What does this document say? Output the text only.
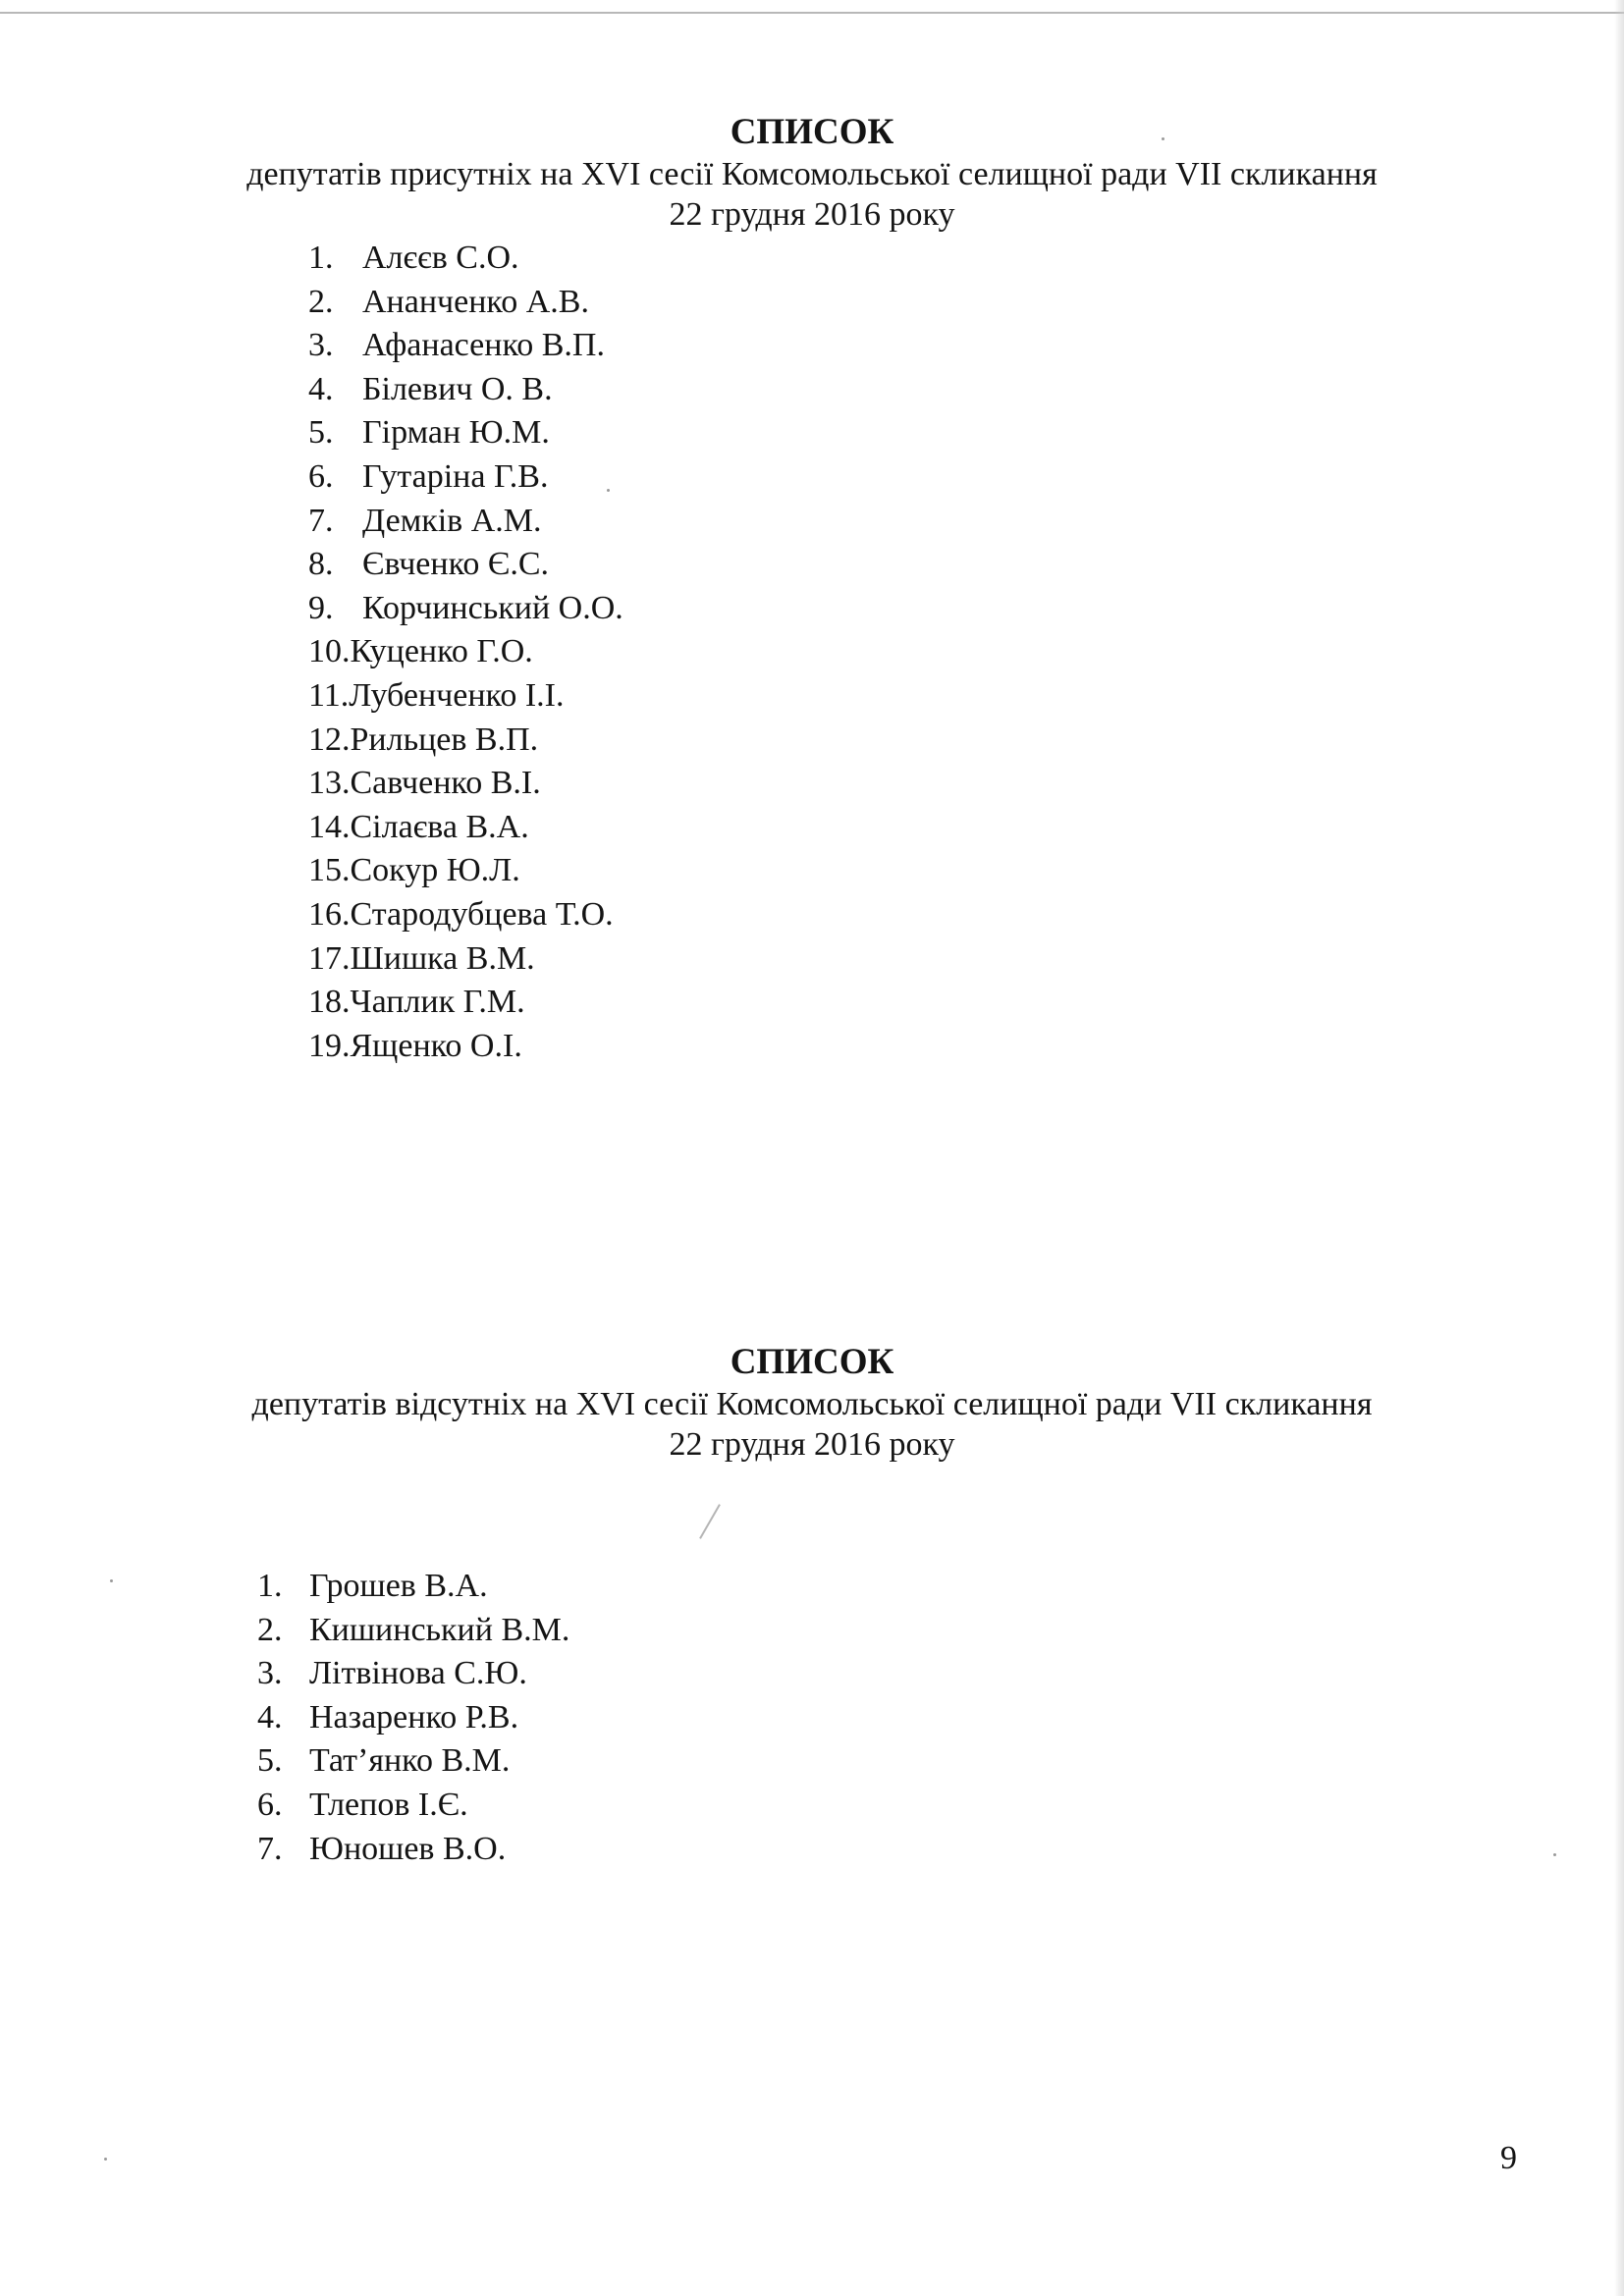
СПИСОК

депутатів присутніх на XVI сесії Комсомольської селищної ради VII скликання

22 грудня 2016 року

1. Алєєв С.О.
2. Ананченко А.В.
3. Афанасенко В.П.
4. Білевич О. В.
5. Гірман Ю.М.
6. Гутаріна Г.В.
7. Демків А.М.
8. Євченко Є.С.
9. Корчинський О.О.
10. Куценко Г.О.
11. Лубенченко І.І.
12. Рильцев В.П.
13. Савченко В.І.
14. Сілаєва В.А.
15. Сокур Ю.Л.
16. Стародубцева Т.О.
17. Шишка В.М.
18. Чаплик Г.М.
19. Ященко О.І.
СПИСОК

депутатів відсутніх на XVI сесії Комсомольської селищної ради VII скликання

22 грудня 2016 року

1. Грошев В.А.
2. Кишинський В.М.
3. Літвінова С.Ю.
4. Назаренко Р.В.
5. Тат’янко В.М.
6. Тлепов І.Є.
7. Юношев В.О.
9
